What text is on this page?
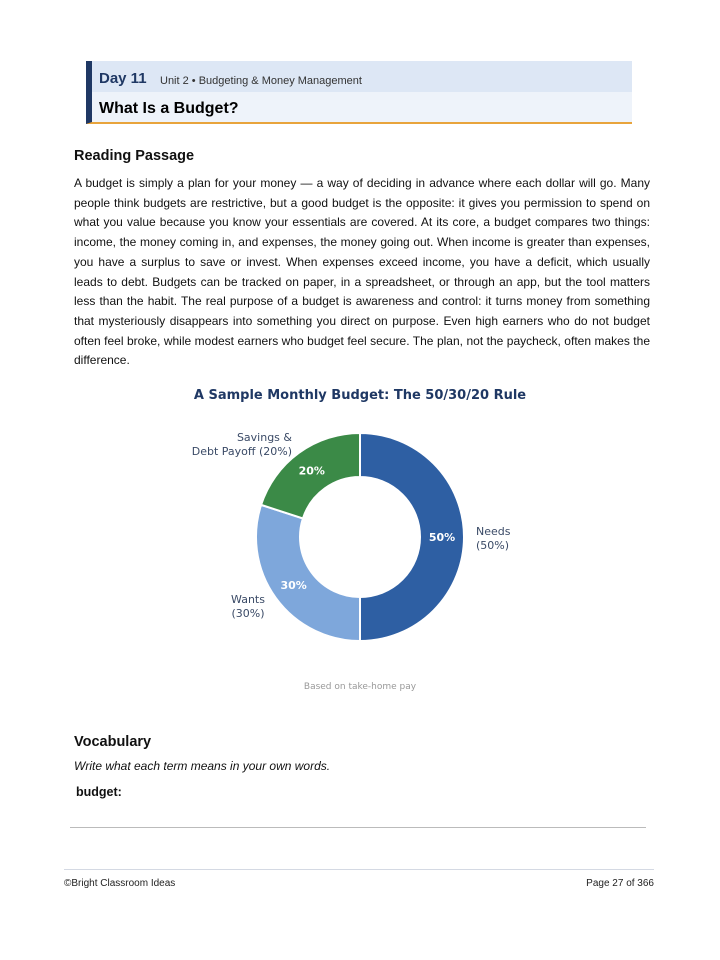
Day 11 Unit 2 • Budgeting & Money Management
What Is a Budget?
Reading Passage

A budget is simply a plan for your money — a way of deciding in advance where each dollar will go. Many people think budgets are restrictive, but a good budget is the opposite: it gives you permission to spend on what you value because you know your essentials are covered. At its core, a budget compares two things: income, the money coming in, and expenses, the money going out. When income is greater than expenses, you have a surplus to save or invest. When expenses exceed income, you have a deficit, which usually leads to debt. Budgets can be tracked on paper, in a spreadsheet, or through an app, but the tool matters less than the habit. The real purpose of a budget is awareness and control: it turns money from something that mysteriously disappears into something you direct on purpose. Even high earners who do not budget often feel broke, while modest earners who budget feel secure. The plan, not the paycheck, often makes the difference.

A Sample Monthly Budget: The 50/30/20 Rule
50% Needs
(50%)
30%
Wants
(30%)
20%
Savings &
Debt Payoff (20%)
Based on take-home pay
Vocabulary
Write what each term means in your own words.
budget:
©Bright Classroom Ideas	Page 27 of 366
